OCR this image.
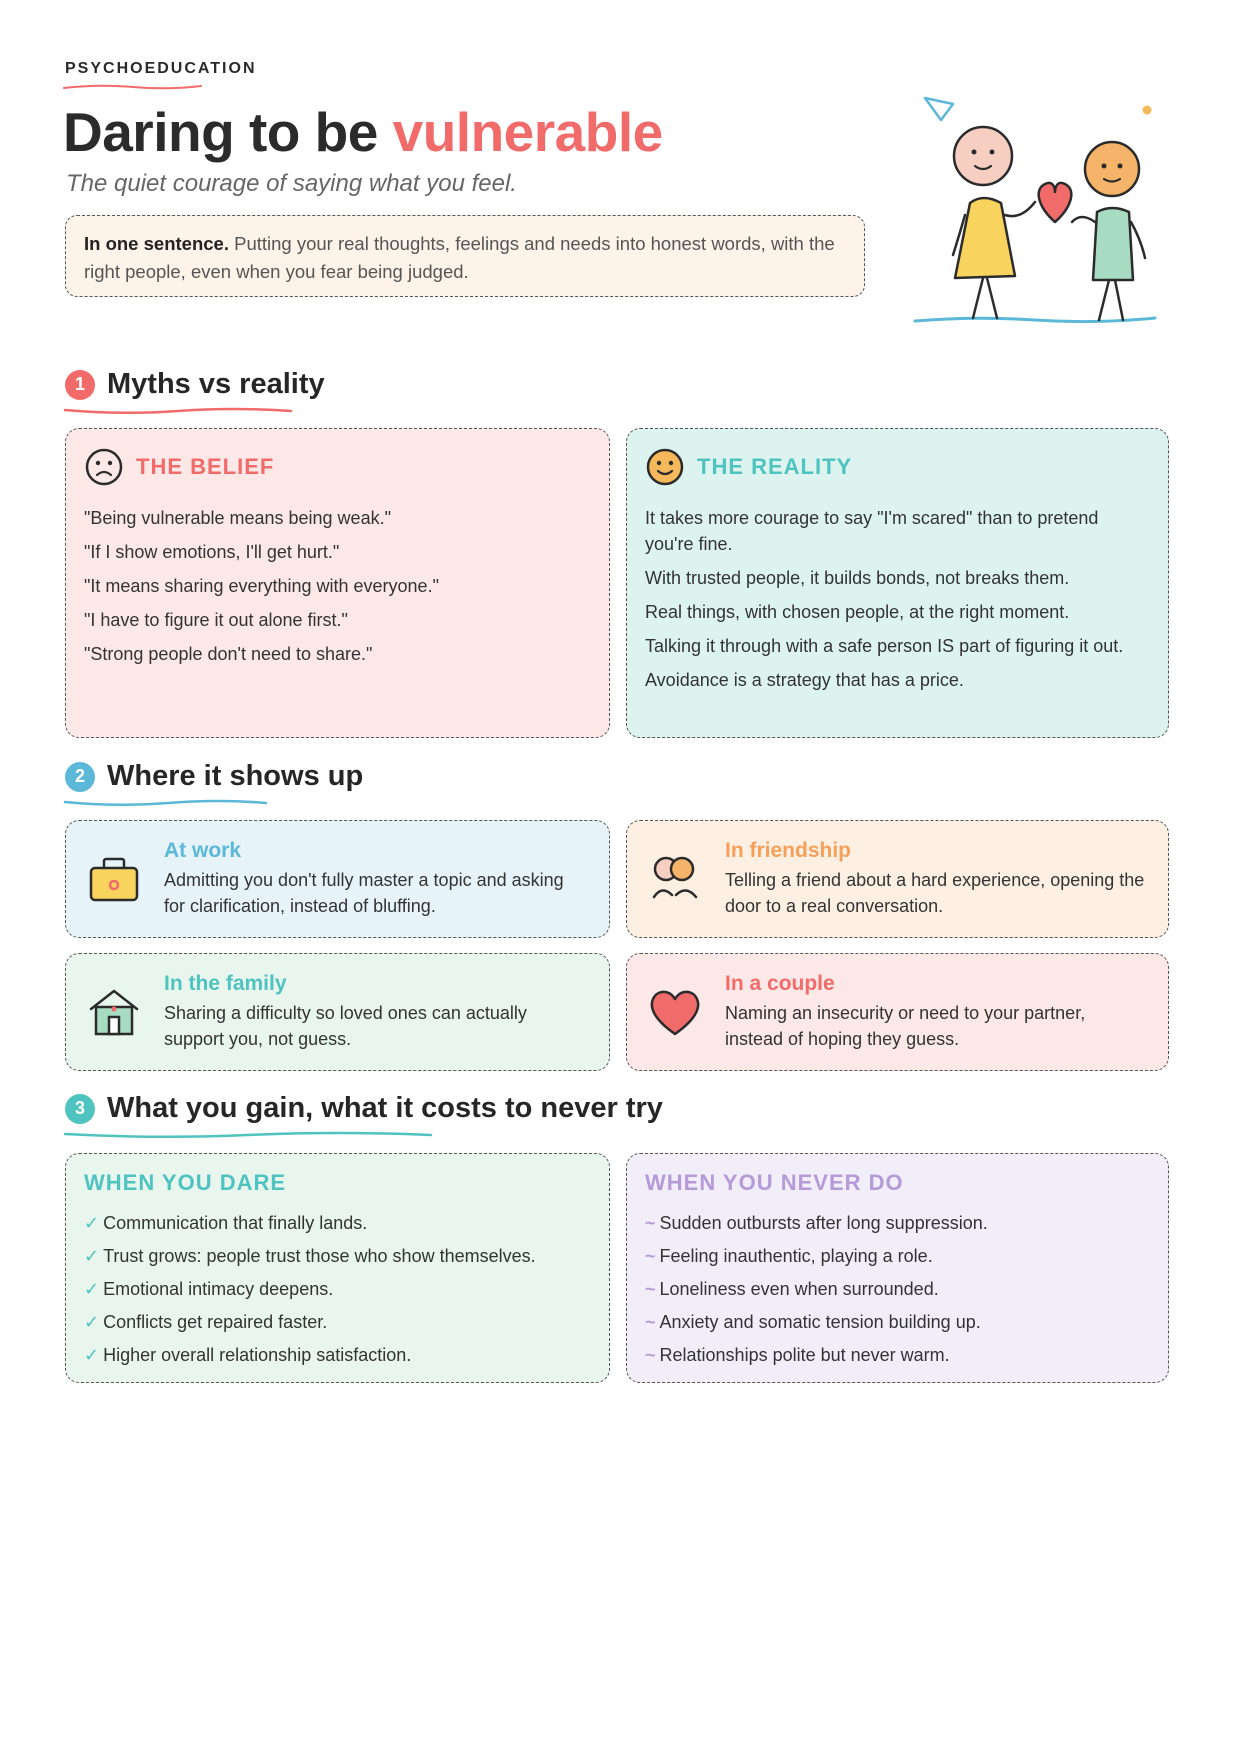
PSYCHOEDUCATION
Daring to be vulnerable
The quiet courage of saying what you feel.
In one sentence. Putting your real thoughts, feelings and needs into honest words, with the right people, even when you fear being judged.
1 Myths vs reality
THE BELIEF
"Being vulnerable means being weak."
"If I show emotions, I'll get hurt."
"It means sharing everything with everyone."
"I have to figure it out alone first."
"Strong people don't need to share."
THE REALITY
It takes more courage to say "I'm scared" than to pretend you're fine.
With trusted people, it builds bonds, not breaks them.
Real things, with chosen people, at the right moment.
Talking it through with a safe person IS part of figuring it out.
Avoidance is a strategy that has a price.
2 Where it shows up
At work
Admitting you don't fully master a topic and asking for clarification, instead of bluffing.
In friendship
Telling a friend about a hard experience, opening the door to a real conversation.
In the family
Sharing a difficulty so loved ones can actually support you, not guess.
In a couple
Naming an insecurity or need to your partner, instead of hoping they guess.
3 What you gain, what it costs to never try
WHEN YOU DARE
✓ Communication that finally lands.
✓ Trust grows: people trust those who show themselves.
✓ Emotional intimacy deepens.
✓ Conflicts get repaired faster.
✓ Higher overall relationship satisfaction.
WHEN YOU NEVER DO
~ Sudden outbursts after long suppression.
~ Feeling inauthentic, playing a role.
~ Loneliness even when surrounded.
~ Anxiety and somatic tension building up.
~ Relationships polite but never warm.
